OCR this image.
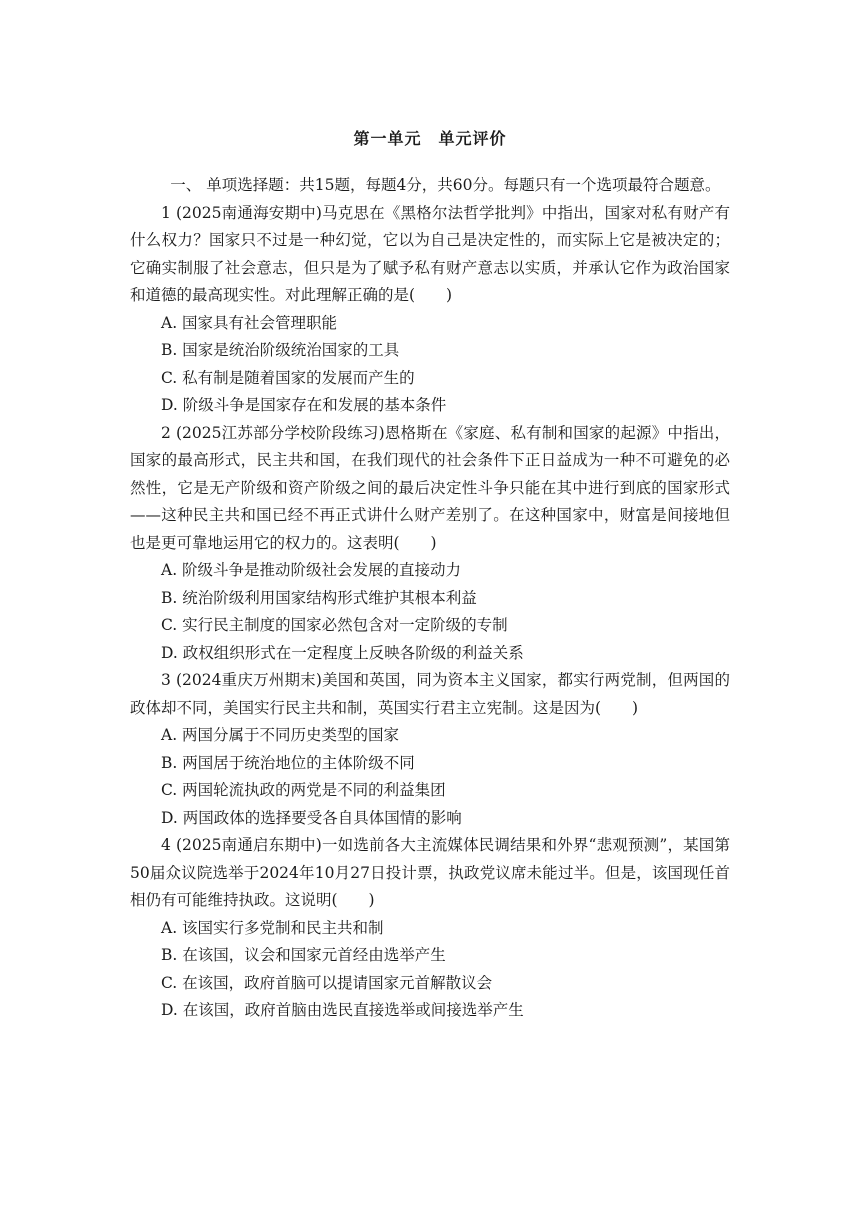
第一单元　单元评价

一、 单项选择题：共15题，每题4分，共60分。每题只有一个选项最符合题意。

1 (2025南通海安期中)马克思在《黑格尔法哲学批判》中指出，国家对私有财产有什么权力？国家只不过是一种幻觉，它以为自己是决定性的，而实际上它是被决定的；它确实制服了社会意志，但只是为了赋予私有财产意志以实质，并承认它作为政治国家和道德的最高现实性。对此理解正确的是(　　)

A. 国家具有社会管理职能

B. 国家是统治阶级统治国家的工具

C. 私有制是随着国家的发展而产生的

D. 阶级斗争是国家存在和发展的基本条件

2 (2025江苏部分学校阶段练习)恩格斯在《家庭、私有制和国家的起源》中指出，国家的最高形式，民主共和国，在我们现代的社会条件下正日益成为一种不可避免的必然性，它是无产阶级和资产阶级之间的最后决定性斗争只能在其中进行到底的国家形式——这种民主共和国已经不再正式讲什么财产差别了。在这种国家中，财富是间接地但也是更可靠地运用它的权力的。这表明(　　)

A. 阶级斗争是推动阶级社会发展的直接动力

B. 统治阶级利用国家结构形式维护其根本利益

C. 实行民主制度的国家必然包含对一定阶级的专制

D. 政权组织形式在一定程度上反映各阶级的利益关系

3 (2024重庆万州期末)美国和英国，同为资本主义国家，都实行两党制，但两国的政体却不同，美国实行民主共和制，英国实行君主立宪制。这是因为(　　)

A. 两国分属于不同历史类型的国家

B. 两国居于统治地位的主体阶级不同

C. 两国轮流执政的两党是不同的利益集团

D. 两国政体的选择要受各自具体国情的影响

4 (2025南通启东期中)一如选前各大主流媒体民调结果和外界“悲观预测”，某国第50届众议院选举于2024年10月27日投计票，执政党议席未能过半。但是，该国现任首相仍有可能维持执政。这说明(　　)

A. 该国实行多党制和民主共和制

B. 在该国，议会和国家元首经由选举产生

C. 在该国，政府首脑可以提请国家元首解散议会

D. 在该国，政府首脑由选民直接选举或间接选举产生
